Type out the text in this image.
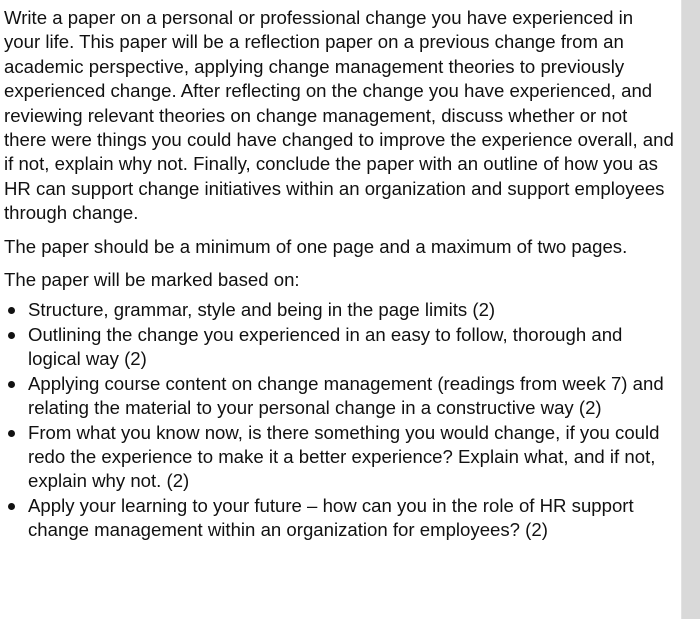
Write a paper on a personal or professional change you have experienced in your life. This paper will be a reflection paper on a previous change from an academic perspective, applying change management theories to previously experienced change. After reflecting on the change you have experienced, and reviewing relevant theories on change management, discuss whether or not there were things you could have changed to improve the experience overall, and if not, explain why not. Finally, conclude the paper with an outline of how you as HR can support change initiatives within an organization and support employees through change.

The paper should be a minimum of one page and a maximum of two pages.

The paper will be marked based on:

Structure, grammar, style and being in the page limits (2)
Outlining the change you experienced in an easy to follow, thorough and logical way (2)
Applying course content on change management (readings from week 7) and relating the material to your personal change in a constructive way (2)
From what you know now, is there something you would change, if you could redo the experience to make it a better experience? Explain what, and if not, explain why not. (2)
Apply your learning to your future – how can you in the role of HR support change management within an organization for employees? (2)
